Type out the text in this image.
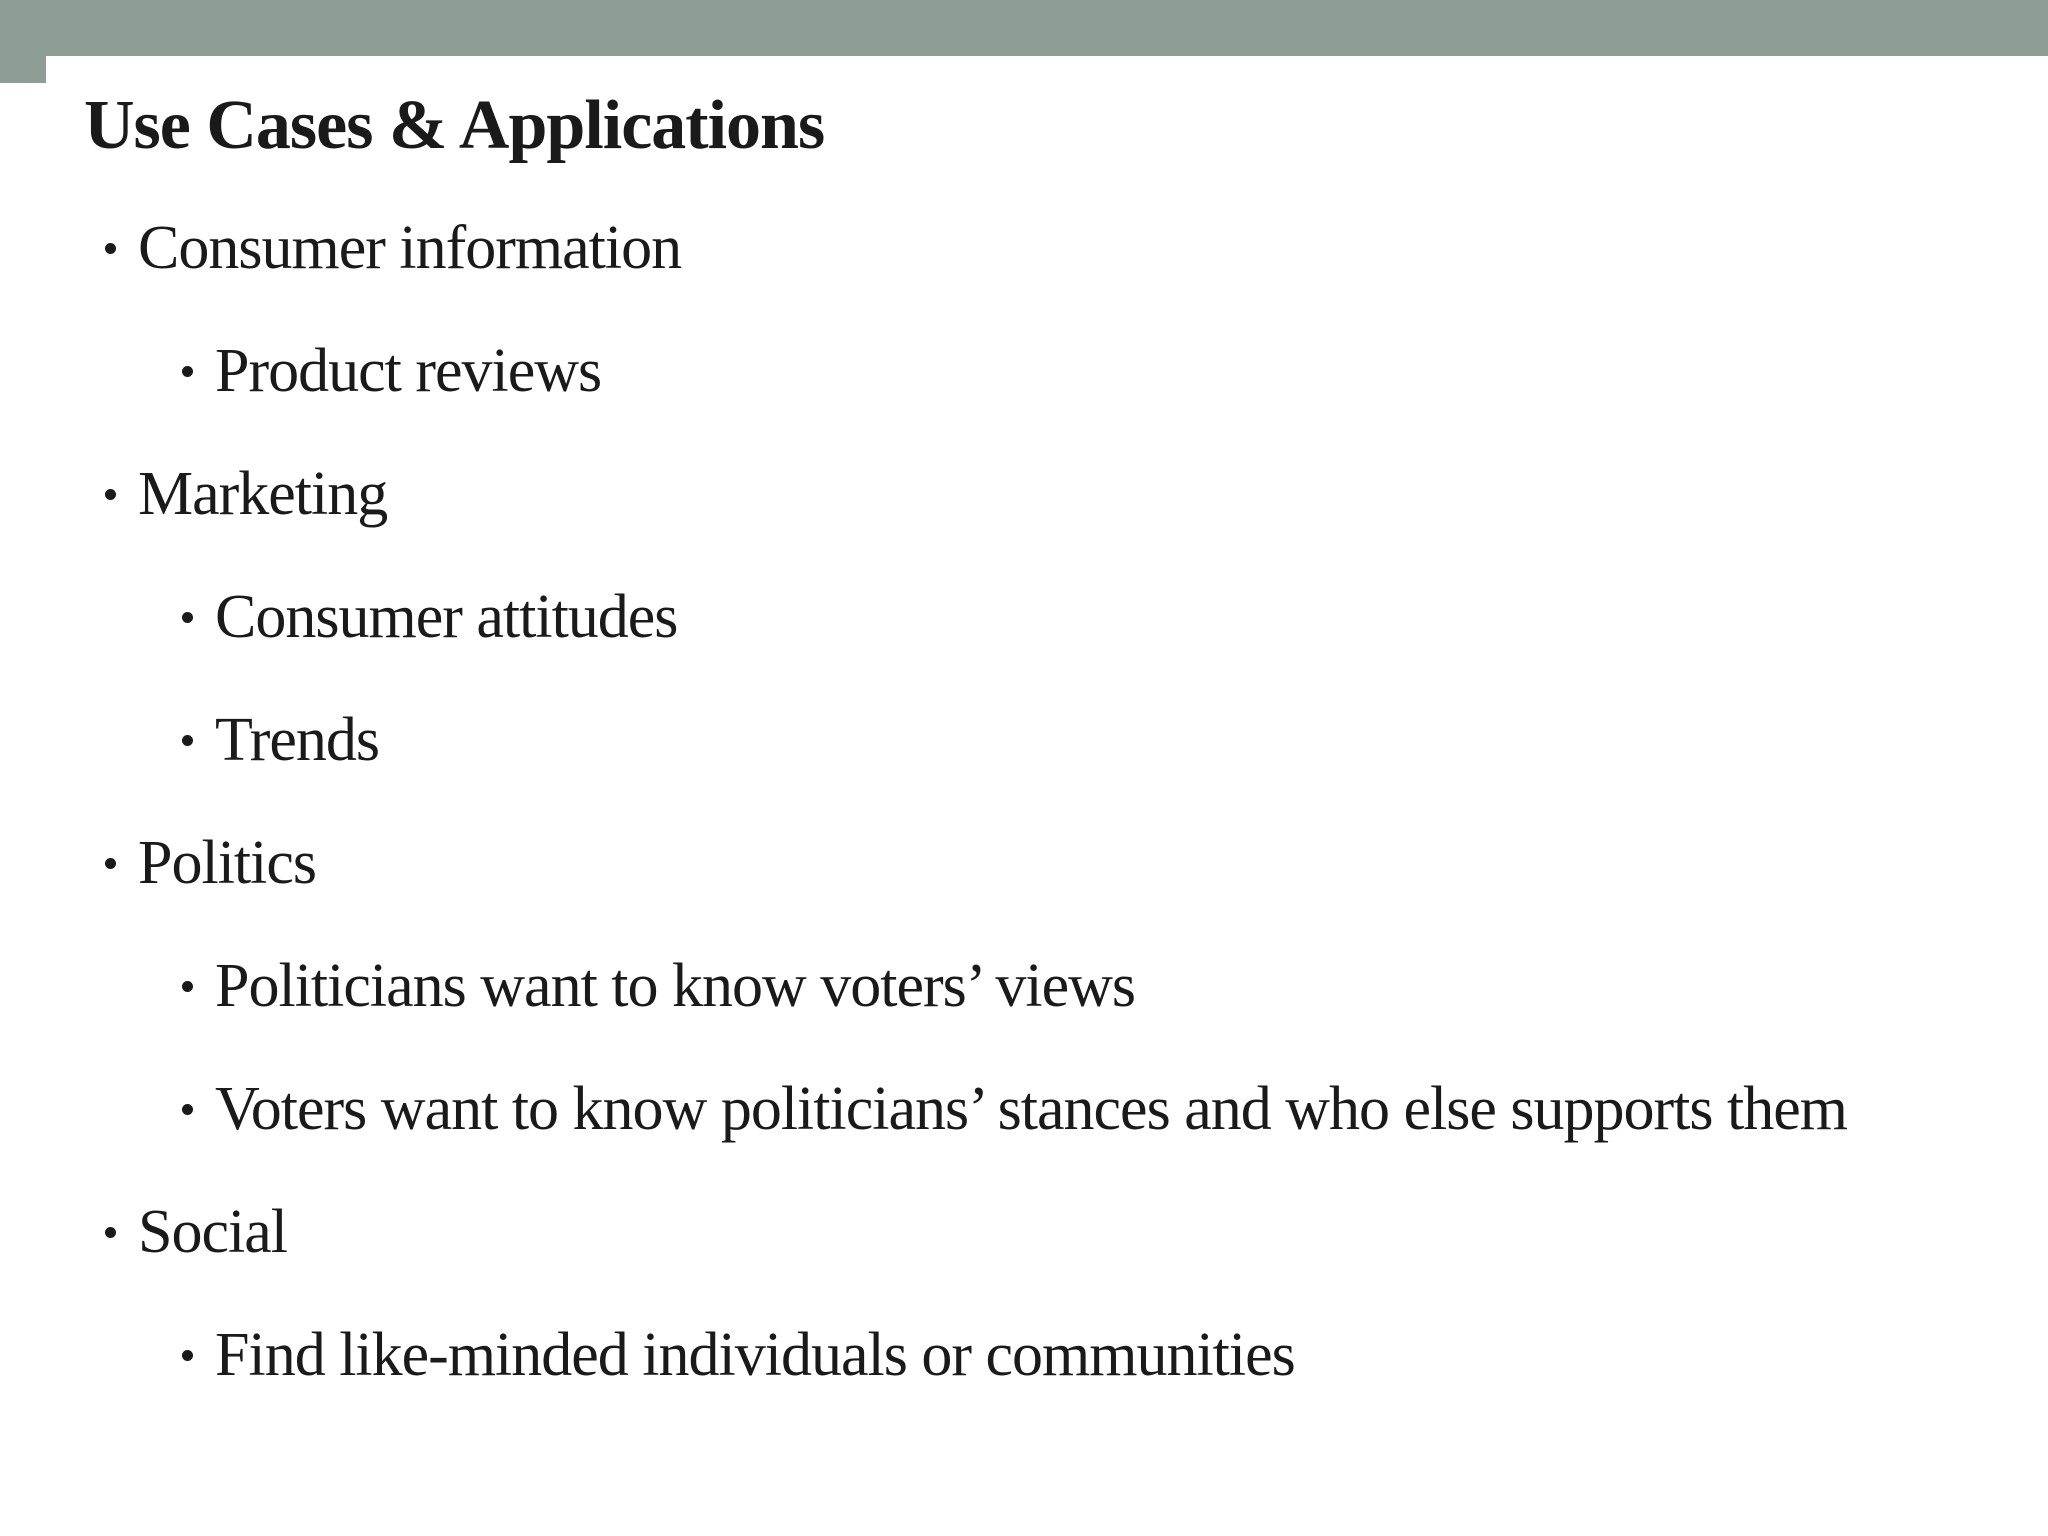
Use Cases & Applications
Consumer information
Product reviews
Marketing
Consumer attitudes
Trends
Politics
Politicians want to know voters’ views
Voters want to know politicians’ stances and who else supports them
Social
Find like-minded individuals or communities
